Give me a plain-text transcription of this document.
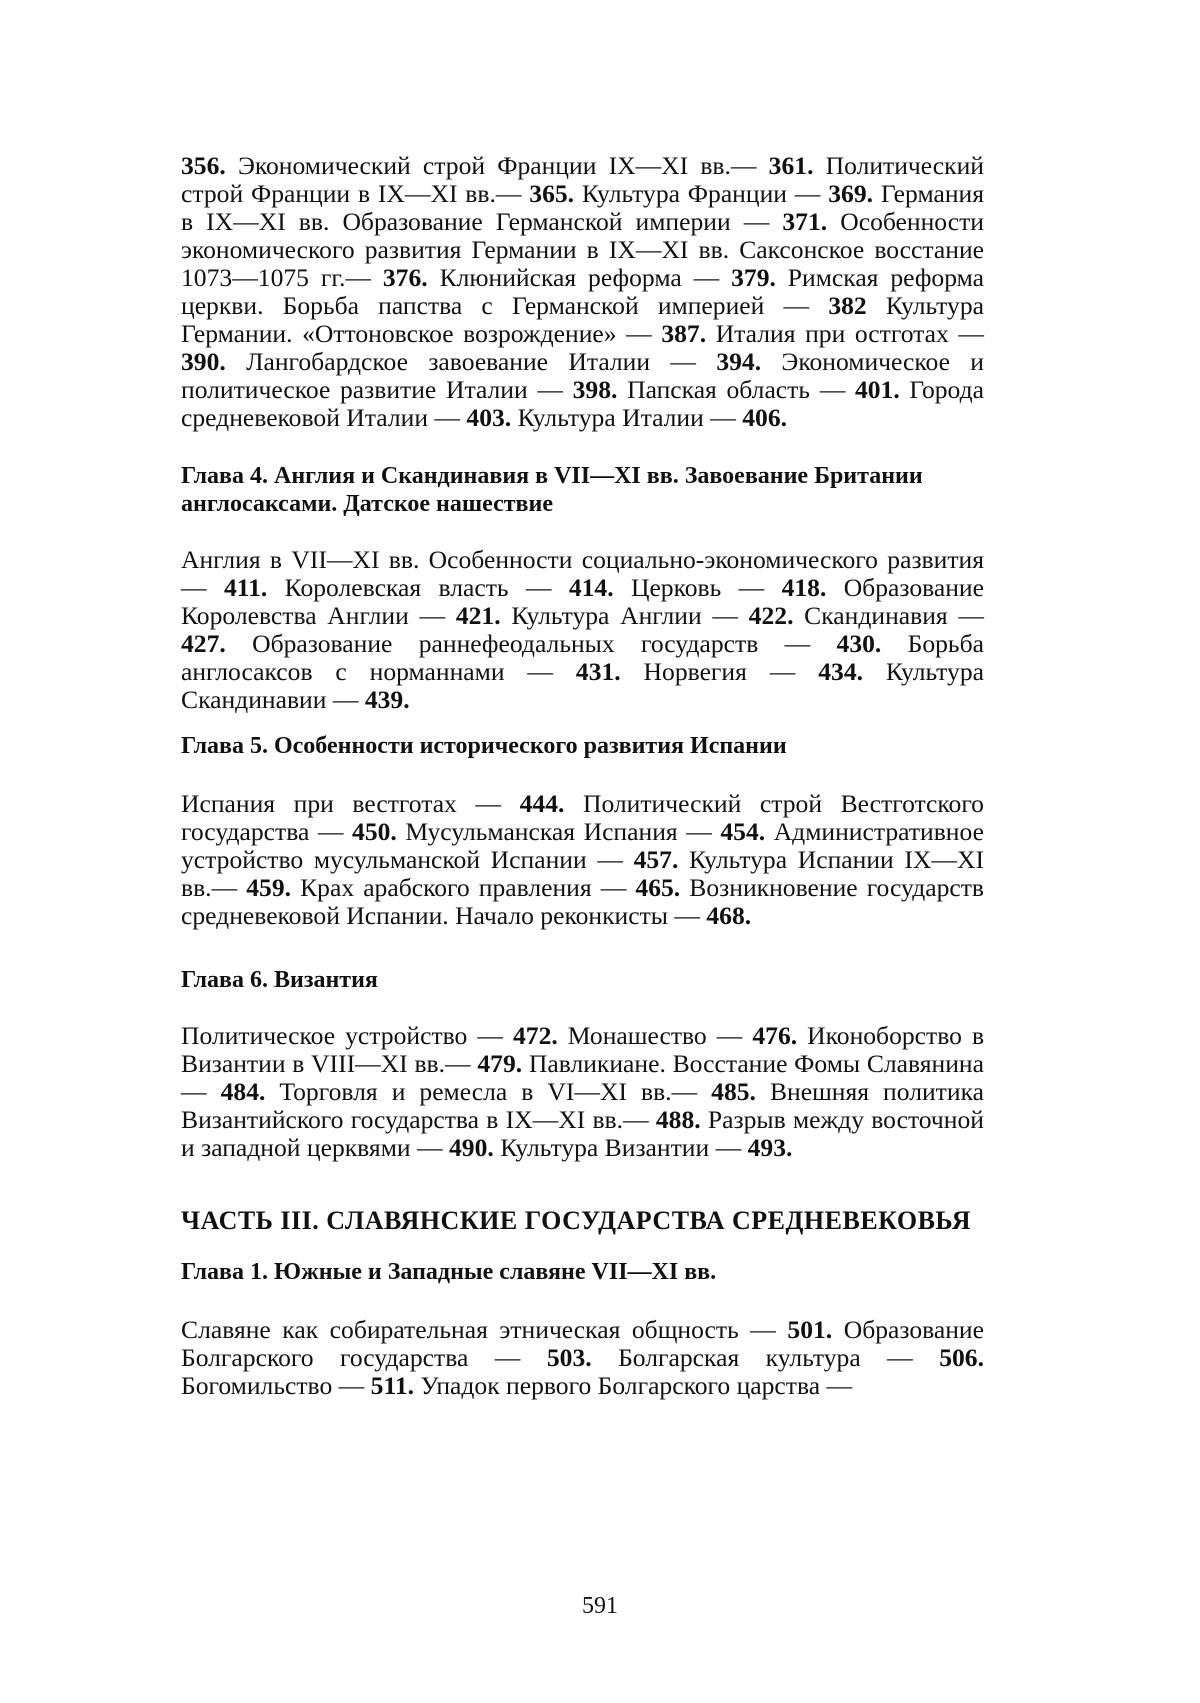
356. Экономический строй Франции IX—XI вв.— 361. Политический строй Франции в IX—XI вв.— 365. Культура Франции — 369. Германия в IX—XI вв. Образование Германской империи — 371. Особенности экономического развития Германии в IX—XI вв. Саксонское восстание 1073—1075 гг.— 376. Клюнийская реформа — 379. Римская реформа церкви. Борьба папства с Германской империей — 382 Культура Германии. «Оттоновское возрождение» — 387. Италия при остготах — 390. Лангобардское завоевание Италии — 394. Экономическое и политическое развитие Италии — 398. Папская область — 401. Города средневековой Италии — 403. Культура Италии — 406.

Глава 4. Англия и Скандинавия в VII—XI вв. Завоевание Британии англосаксами. Датское нашествие

Англия в VII—XI вв. Особенности социально-экономического развития — 411. Королевская власть — 414. Церковь — 418. Образование Королевства Англии — 421. Культура Англии — 422. Скандинавия — 427. Образование раннефеодальных государств — 430. Борьба англосаксов с норманнами — 431. Норвегия — 434. Культура Скандинавии — 439.

Глава 5. Особенности исторического развития Испании

Испания при вестготах — 444. Политический строй Вестготского государства — 450. Мусульманская Испания — 454. Административное устройство мусульманской Испании — 457. Культура Испании IX—XI вв.— 459. Крах арабского правления — 465. Возникновение государств средневековой Испании. Начало реконкисты — 468.

Глава 6. Византия

Политическое устройство — 472. Монашество — 476. Иконоборство в Византии в VIII—XI вв.— 479. Павликиане. Восстание Фомы Славянина — 484. Торговля и ремесла в VI—XI вв.— 485. Внешняя политика Византийского государства в IX—XI вв.— 488. Разрыв между восточной и западной церквями — 490. Культура Византии — 493.

ЧАСТЬ III. СЛАВЯНСКИЕ ГОСУДАРСТВА СРЕДНЕВЕКОВЬЯ
Глава 1. Южные и Западные славяне VII—XI вв.

Славяне как собирательная этническая общность — 501. Образование Болгарского государства — 503. Болгарская культура — 506. Богомильство — 511. Упадок первого Болгарского царства —

591
